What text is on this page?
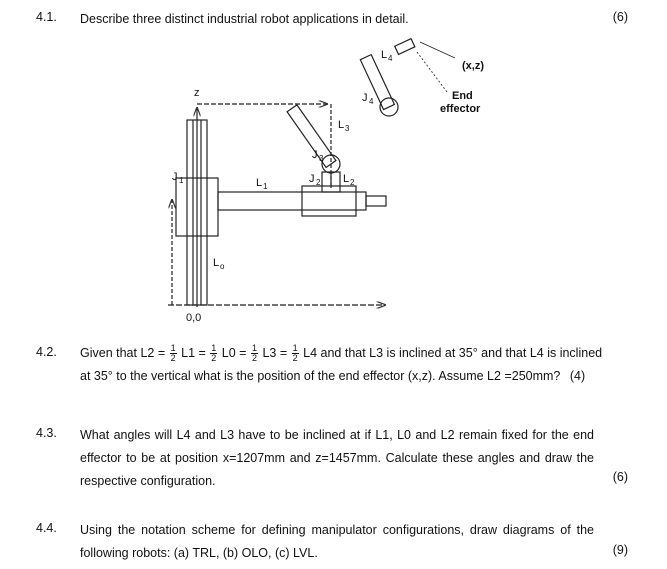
4.1. Describe three distinct industrial robot applications in detail.	(6)
z
0,0
J 1	L 1
J 2 L 2
J 3
L 3
J 4
L 4
L o
(x,z)
End
effector
4.2. Given that $L2 = \frac{1}{2} L1 = \frac{1}{2} L0 = \frac{1}{2} L3 = \frac{1}{2} L4$ and that L3 is inclined at 35° and that L4 is inclined
at 35° to the vertical what is the position of the end effector (x,z). Assume L2 =250mm? (4)
4.3. What angles will L4 and L3 have to be inclined at if L1, L0 and L2 remain fixed for the end effector to be at position x=1207mm and z=1457mm. Calculate these angles and draw the respective configuration.	(6)
4.4. Using the notation scheme for defining manipulator configurations, draw diagrams of the following robots: (a) TRL, (b) OLO, (c) LVL.	(9)
